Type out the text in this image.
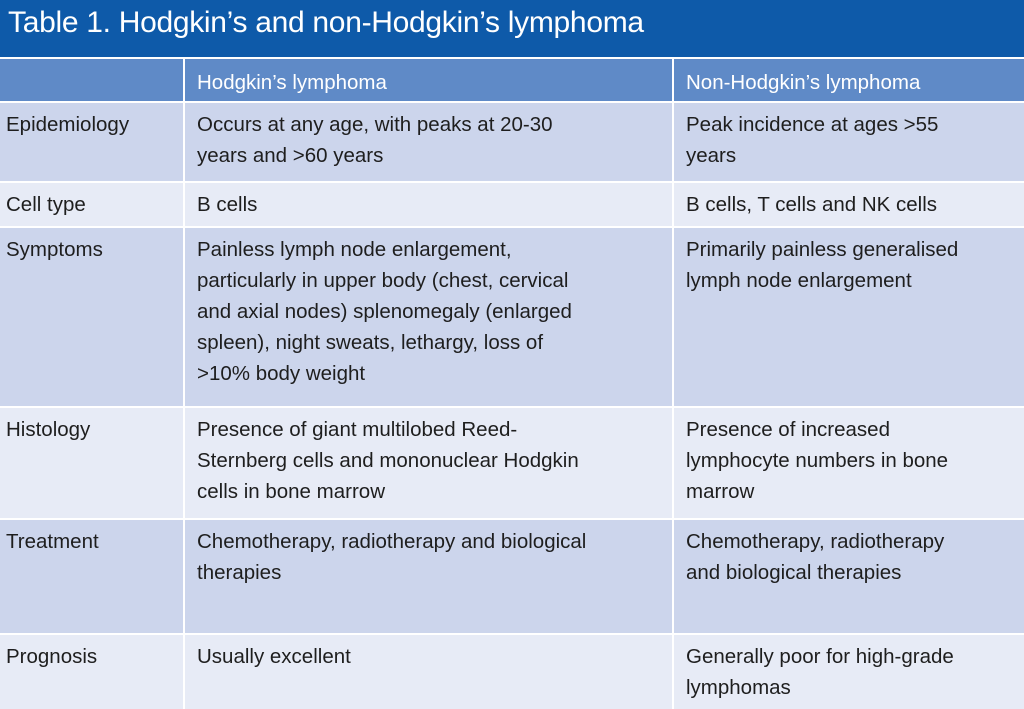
Table 1. Hodgkin’s and non-Hodgkin’s lymphoma
	Hodgkin’s lymphoma	Non-Hodgkin’s lymphoma
Epidemiology	Occurs at any age, with peaks at 20-30 years and >60 years	Peak incidence at ages >55 years
Cell type	B cells	B cells, T cells and NK cells
Symptoms	Painless lymph node enlargement, particularly in upper body (chest, cervical and axial nodes) splenomegaly (enlarged spleen), night sweats, lethargy, loss of >10% body weight	Primarily painless generalised lymph node enlargement
Histology	Presence of giant multilobed Reed-Sternberg cells and mononuclear Hodgkin cells in bone marrow	Presence of increased lymphocyte numbers in bone marrow
Treatment	Chemotherapy, radiotherapy and biological therapies	Chemotherapy, radiotherapy and biological therapies
Prognosis	Usually excellent	Generally poor for high-grade lymphomas
